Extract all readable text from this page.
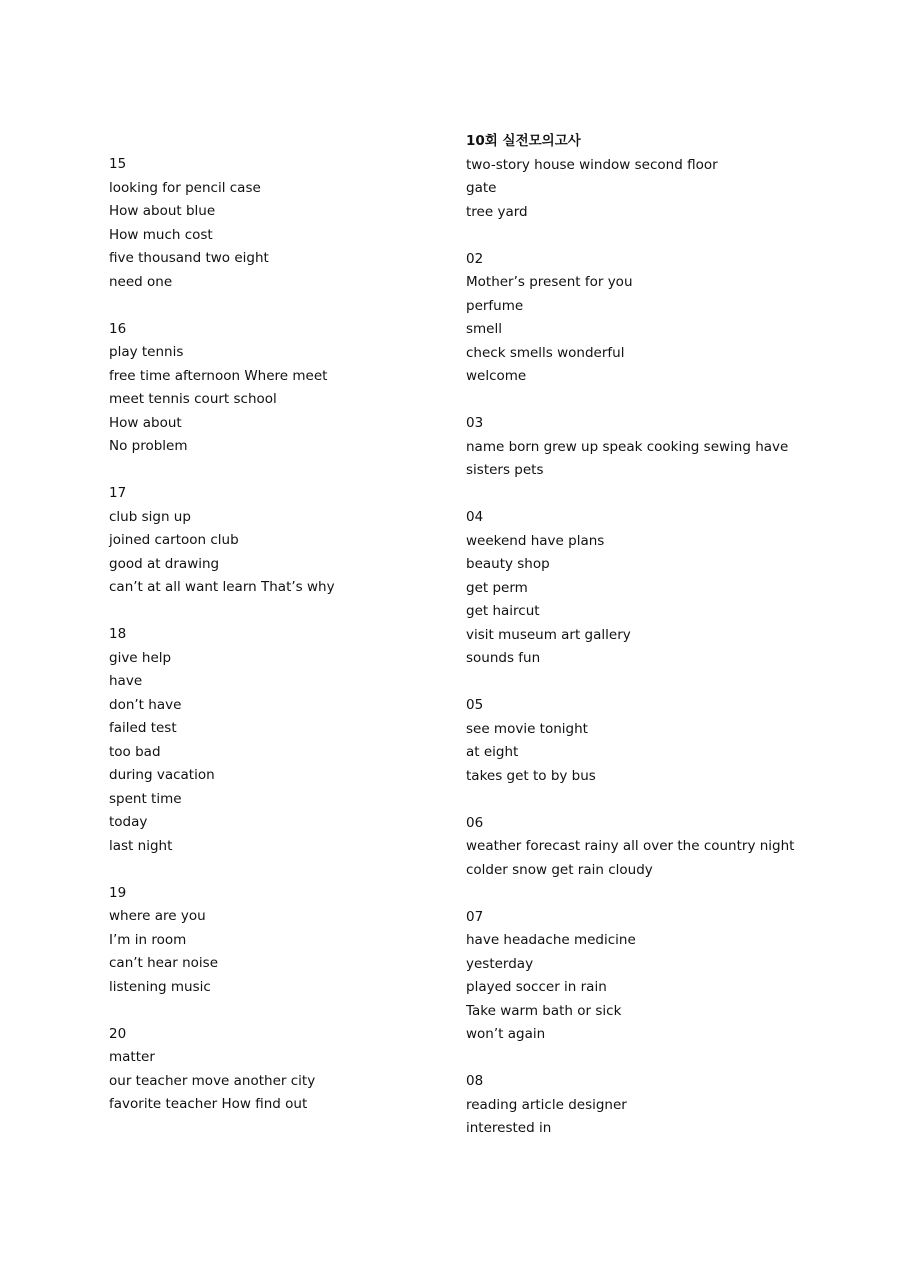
15
looking for pencil case
How about blue
How much cost
five thousand two eight
need one
16
play tennis
free time afternoon Where meet
meet tennis court school
How about
No problem
17
club sign up
joined cartoon club
good at drawing
can’t at all want learn That’s why
18
give help
have
don’t have
failed test
too bad
during vacation
spent time
today
last night
19
where are you
I’m in room
can’t hear noise
listening music
20
matter
our teacher move another city
favorite teacher How find out
10회 실전모의고사
two-story house window second floor
gate
tree yard
02
Mother’s present for you
perfume
smell
check smells wonderful
welcome
03
name born grew up speak cooking sewing have
sisters pets
04
weekend have plans
beauty shop
get perm
get haircut
visit museum art gallery
sounds fun
05
see movie tonight
at eight
takes get to by bus
06
weather forecast rainy all over the country night
colder snow get rain cloudy
07
have headache medicine
yesterday
played soccer in rain
Take warm bath or sick
won’t again
08
reading article designer
interested in
